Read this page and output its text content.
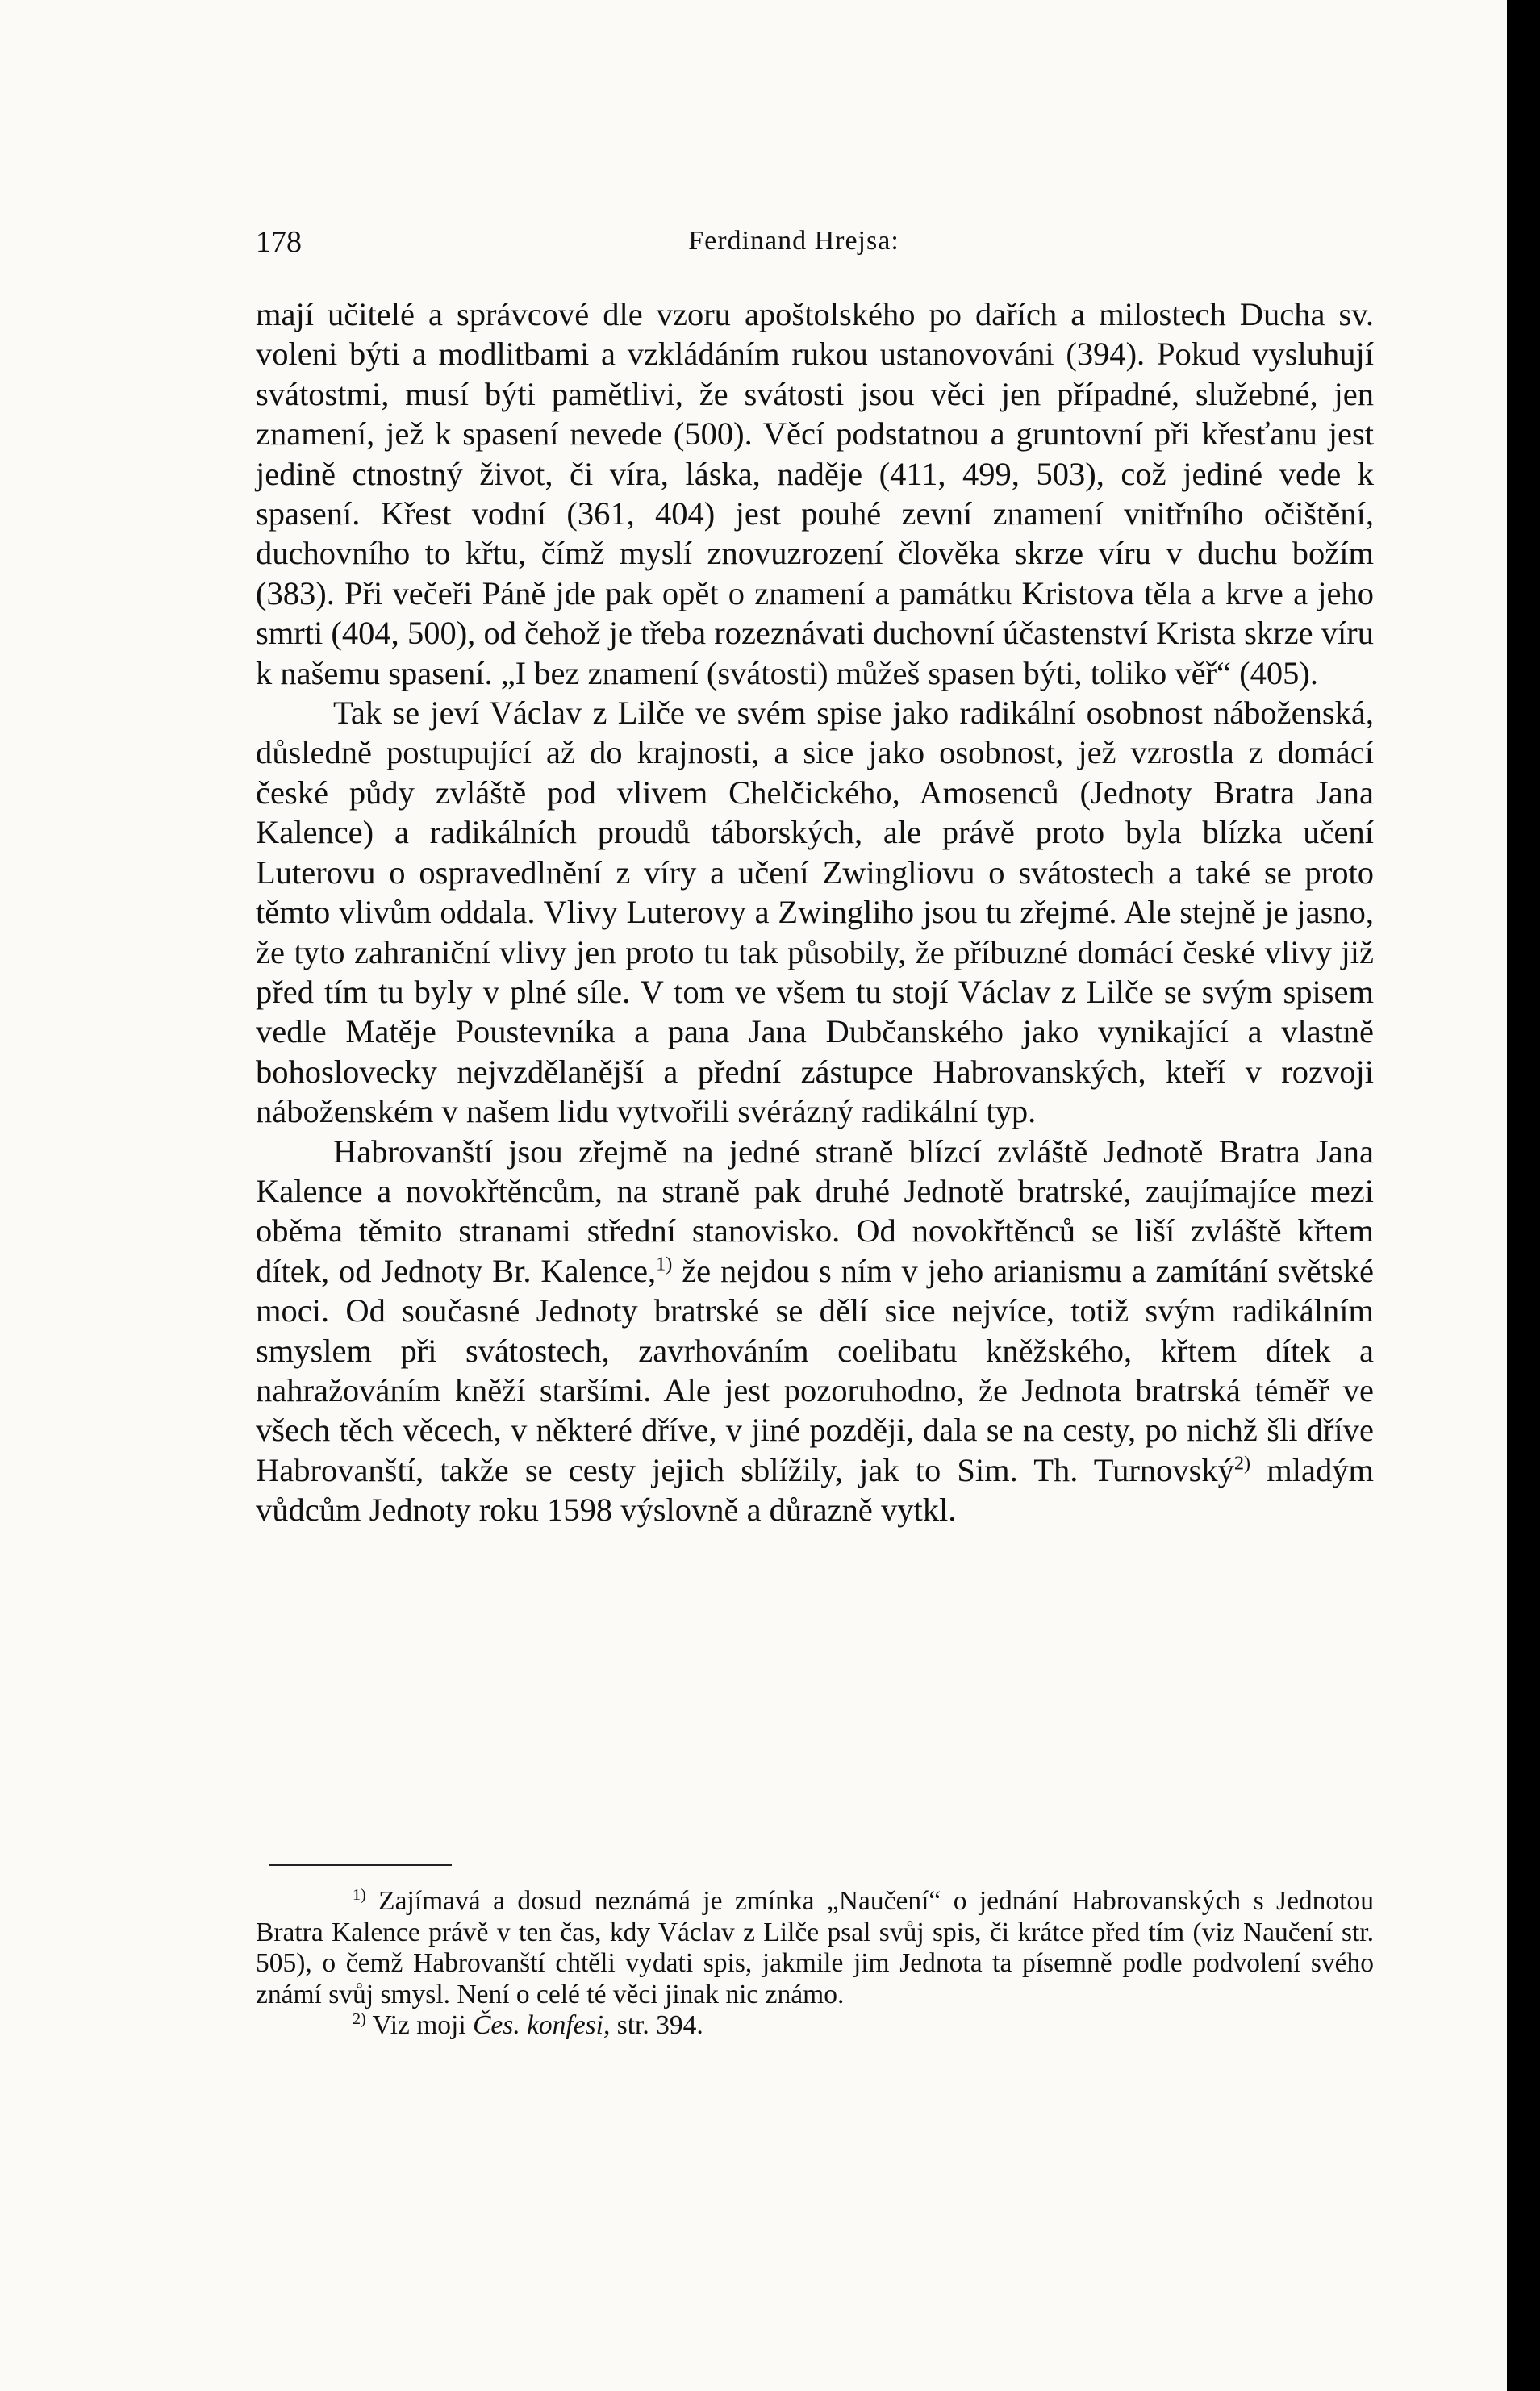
178	Ferdinand Hrejsa:

mají učitelé a správcové dle vzoru apoštolského po dařích a milostech Ducha sv. voleni býti a modlitbami a vzkládáním rukou ustanovováni (394). Pokud vysluhují svátostmi, musí býti pamětlivi, že svátosti jsou věci jen případné, služebné, jen znamení, jež k spasení nevede (500). Věcí podstatnou a gruntovní při křesťanu jest jedině ctnostný život, či víra, láska, naděje (411, 499, 503), což jediné vede k spasení. Křest vodní (361, 404) jest pouhé zevní znamení vnitřního očištění, duchovního to křtu, čímž myslí znovuzrození člověka skrze víru v duchu božím (383). Při večeři Páně jde pak opět o znamení a památku Kristova těla a krve a jeho smrti (404, 500), od čehož je třeba rozeznávati duchovní účastenství Krista skrze víru k našemu spasení. „I bez znamení (svátosti) můžeš spasen býti, toliko věř“ (405).

Tak se jeví Václav z Lilče ve svém spise jako radikální osobnost náboženská, důsledně postupující až do krajnosti, a sice jako osobnost, jež vzrostla z domácí české půdy zvláště pod vlivem Chelčického, Amosenců (Jednoty Bratra Jana Kalence) a radikálních proudů táborských, ale právě proto byla blízka učení Luterovu o ospravedlnění z víry a učení Zwingliovu o svátostech a také se proto těmto vlivům oddala. Vlivy Luterovy a Zwingliho jsou tu zřejmé. Ale stejně je jasno, že tyto zahraniční vlivy jen proto tu tak působily, že příbuzné domácí české vlivy již před tím tu byly v plné síle. V tom ve všem tu stojí Václav z Lilče se svým spisem vedle Matěje Poustevníka a pana Jana Dubčanského jako vynikající a vlastně bohoslovecky nejvzdělanější a přední zástupce Habrovanských, kteří v rozvoji náboženském v našem lidu vytvořili svérázný radikální typ.

Habrovanští jsou zřejmě na jedné straně blízcí zvláště Jednotě Bratra Jana Kalence a novokřtěncům, na straně pak druhé Jednotě bratrské, zaujímajíce mezi oběma těmito stranami střední stanovisko. Od novokřtěnců se liší zvláště křtem dítek, od Jednoty Br. Kalence,$^{1)}$ že nejdou s ním v jeho arianismu a zamítání světské moci. Od současné Jednoty bratrské se dělí sice nejvíce, totiž svým radikálním smyslem při svátostech, zavrhováním coelibatu kněžského, křtem dítek a nahražováním kněží staršími. Ale jest pozoruhodno, že Jednota bratrská téměř ve všech těch věcech, v některé dříve, v jiné později, dala se na cesty, po nichž šli dříve Habrovanští, takže se cesty jejich sblížily, jak to Sim. Th. Turnovský$^{2)}$ mladým vůdcům Jednoty roku 1598 výslovně a důrazně vytkl.

$^{1)}$ Zajímavá a dosud neznámá je zmínka „Naučení“ o jednání Habrovanských s Jednotou Bratra Kalence právě v ten čas, kdy Václav z Lilče psal svůj spis, či krátce před tím (viz Naučení str. 505), o čemž Habrovanští chtěli vydati spis, jakmile jim Jednota ta písemně podle podvolení svého známí svůj smysl. Není o celé té věci jinak nic známo.

$^{2)}$ Viz moji Čes. konfesi, str. 394.
